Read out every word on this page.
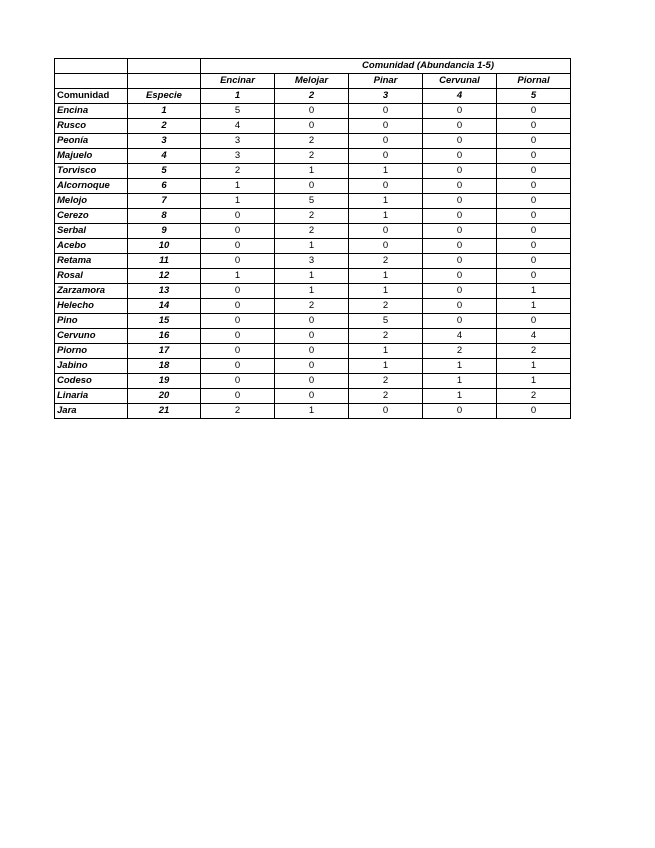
		Comunidad (Abundancia 1-5)				
		Encinar	Melojar	Pinar	Cervunal	Piornal
Comunidad	Especie	1	2	3	4	5
Encina	1	5	0	0	0	0
Rusco	2	4	0	0	0	0
Peonía	3	3	2	0	0	0
Majuelo	4	3	2	0	0	0
Torvisco	5	2	1	1	0	0
Alcornoque	6	1	0	0	0	0
Melojo	7	1	5	1	0	0
Cerezo	8	0	2	1	0	0
Serbal	9	0	2	0	0	0
Acebo	10	0	1	0	0	0
Retama	11	0	3	2	0	0
Rosal	12	1	1	1	0	0
Zarzamora	13	0	1	1	0	1
Helecho	14	0	2	2	0	1
Pino	15	0	0	5	0	0
Cervuno	16	0	0	2	4	4
Piorno	17	0	0	1	2	2
Jabino	18	0	0	1	1	1
Codeso	19	0	0	2	1	1
Linaria	20	0	0	2	1	2
Jara	21	2	1	0	0	0
